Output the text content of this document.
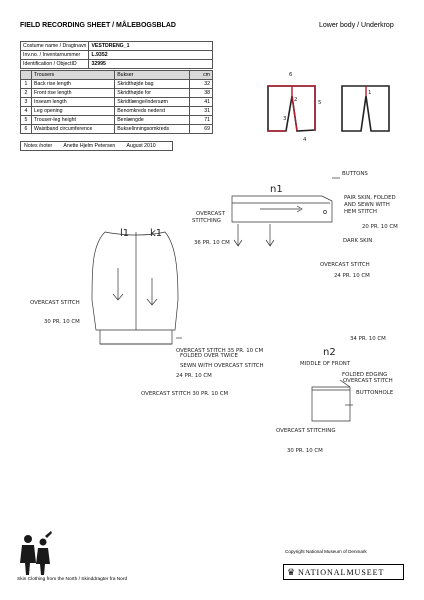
FIELD RECORDING SHEET / MÅLEBOGSBLAD	Lower body / Underkrop
Costume name / Dragtnavn	VESTDRENG_1
Inv.no. / Inventarnummer	L.9352
Identification / ObjectID	32995
	Trousers	Bukser	cm
1	Back rise length	Skridthøjde bag	32
2	Front rise length	Skridthøjde for	38
3	Inseam length	Skridtlænge/indersøm	41
4	Leg opening	Benomkreds nederst	31
5	Trouser-leg height	Benlængde	71
6	Waistband circumference	Bukselinningsomkreds	69
Notes /noter Anette Hjelm Petersen August 2010
6
2	5
3
4
1
BUTTONS
n1
PAIR SKIN, FOLDED
AND SEWN WITH
HEM STITCH
20 PR. 10 CM
OVERCAST
STITCHING
36 PR. 10 CM	DARK SKIN
OVERCAST STITCH
24 PR. 10 CM
l1 k1
OVERCAST STITCH
30 PR. 10 CM
OVERCAST STITCH 35 PR. 10 CM
FOLDED OVER TWICE
SEWN WITH OVERCAST STITCH
24 PR. 10 CM
OVERCAST STITCH 30 PR. 10 CM
34 PR. 10 CM
MIDDLE OF FRONT
n2
FOLDED EDGING
OVERCAST STITCH
BUTTONHOLE
OVERCAST STITCHING
30 PR. 10 CM
Skin Clothing from the North / Skinddragter fra Nord
Copyright National Museum of Denmark
♛ NATIONALMUSEET
